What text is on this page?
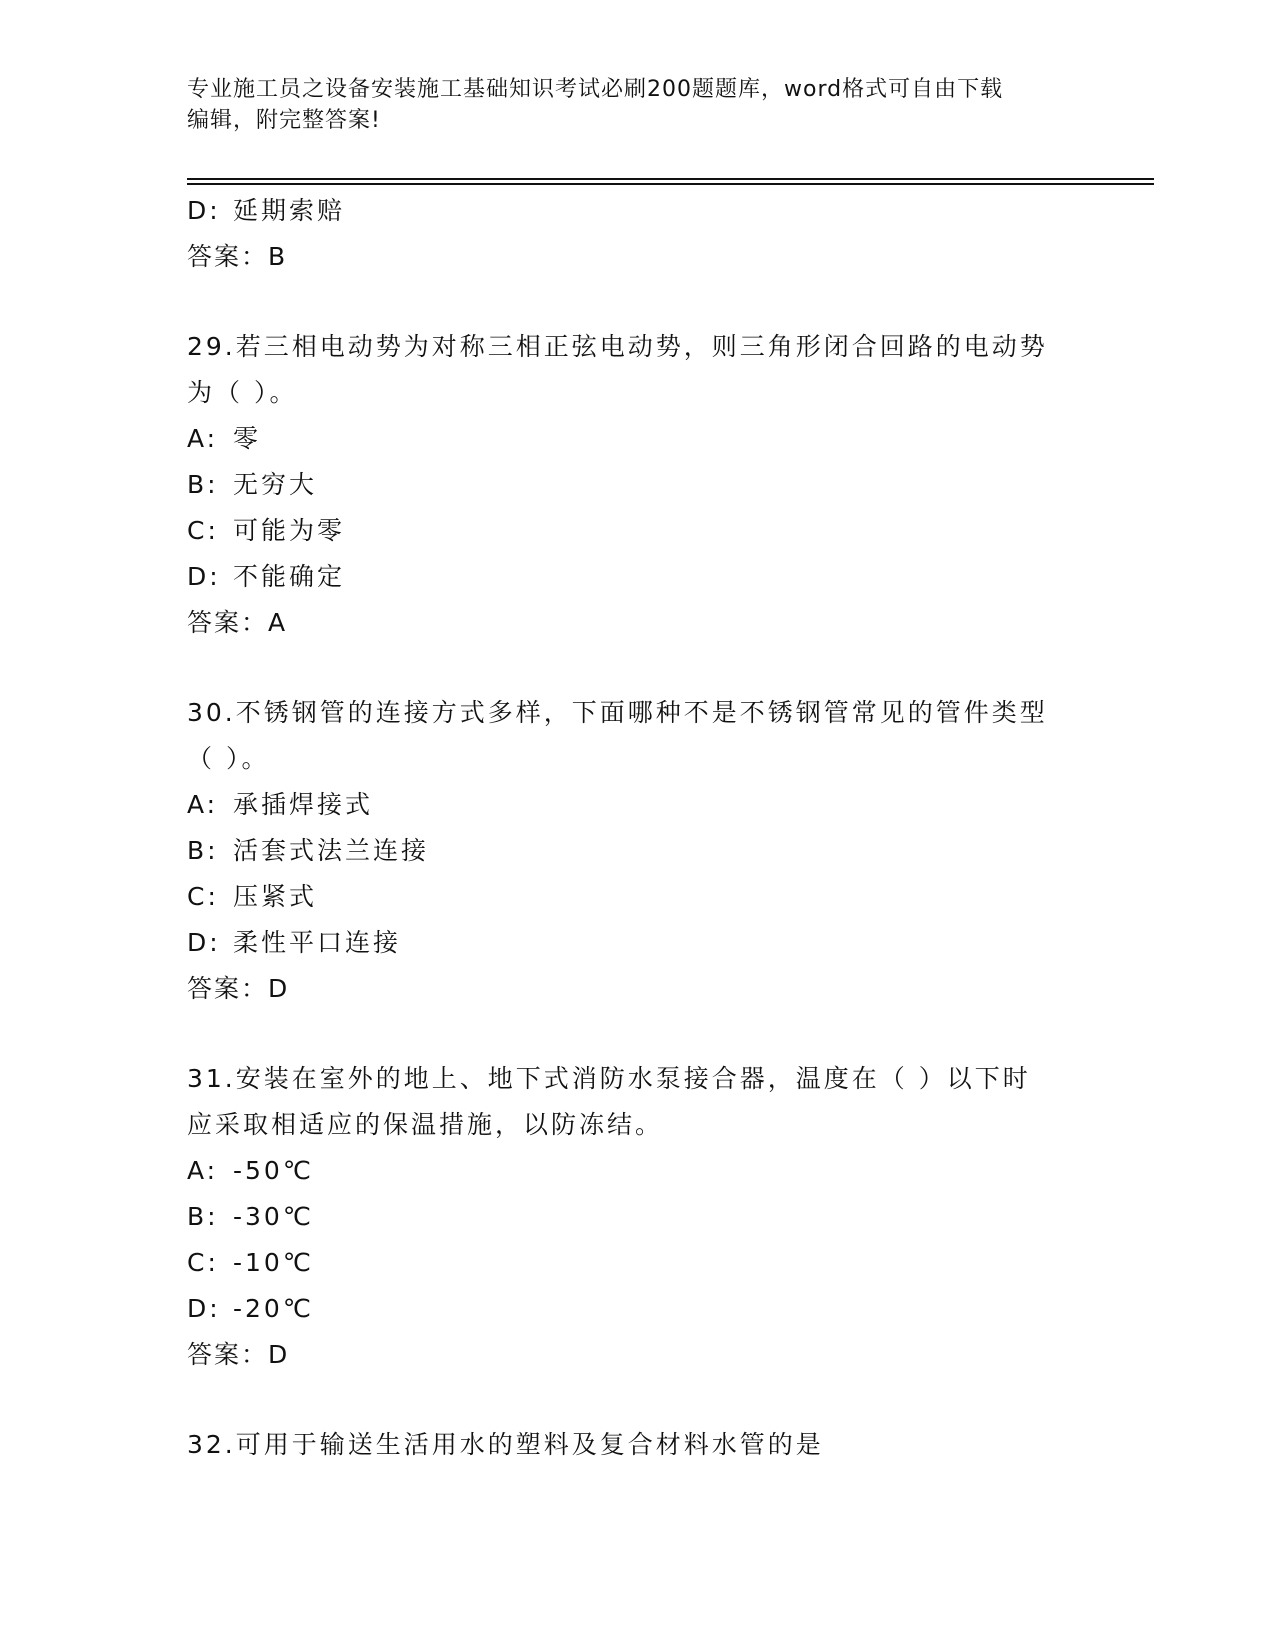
专业施工员之设备安装施工基础知识考试必刷200题题库，word格式可自由下载
编辑，附完整答案!
D: 延期索赔
答案：B
29.若三相电动势为对称三相正弦电动势，则三角形闭合回路的电动势
为（ ）。
A: 零
B: 无穷大
C: 可能为零
D: 不能确定
答案：A
30.不锈钢管的连接方式多样，下面哪种不是不锈钢管常见的管件类型
（ ）。
A: 承插焊接式
B: 活套式法兰连接
C: 压紧式
D: 柔性平口连接
答案：D
31.安装在室外的地上、地下式消防水泵接合器，温度在（ ）以下时
应采取相适应的保温措施，以防冻结。
A: -50℃
B: -30℃
C: -10℃
D: -20℃
答案：D
32.可用于输送生活用水的塑料及复合材料水管的是
